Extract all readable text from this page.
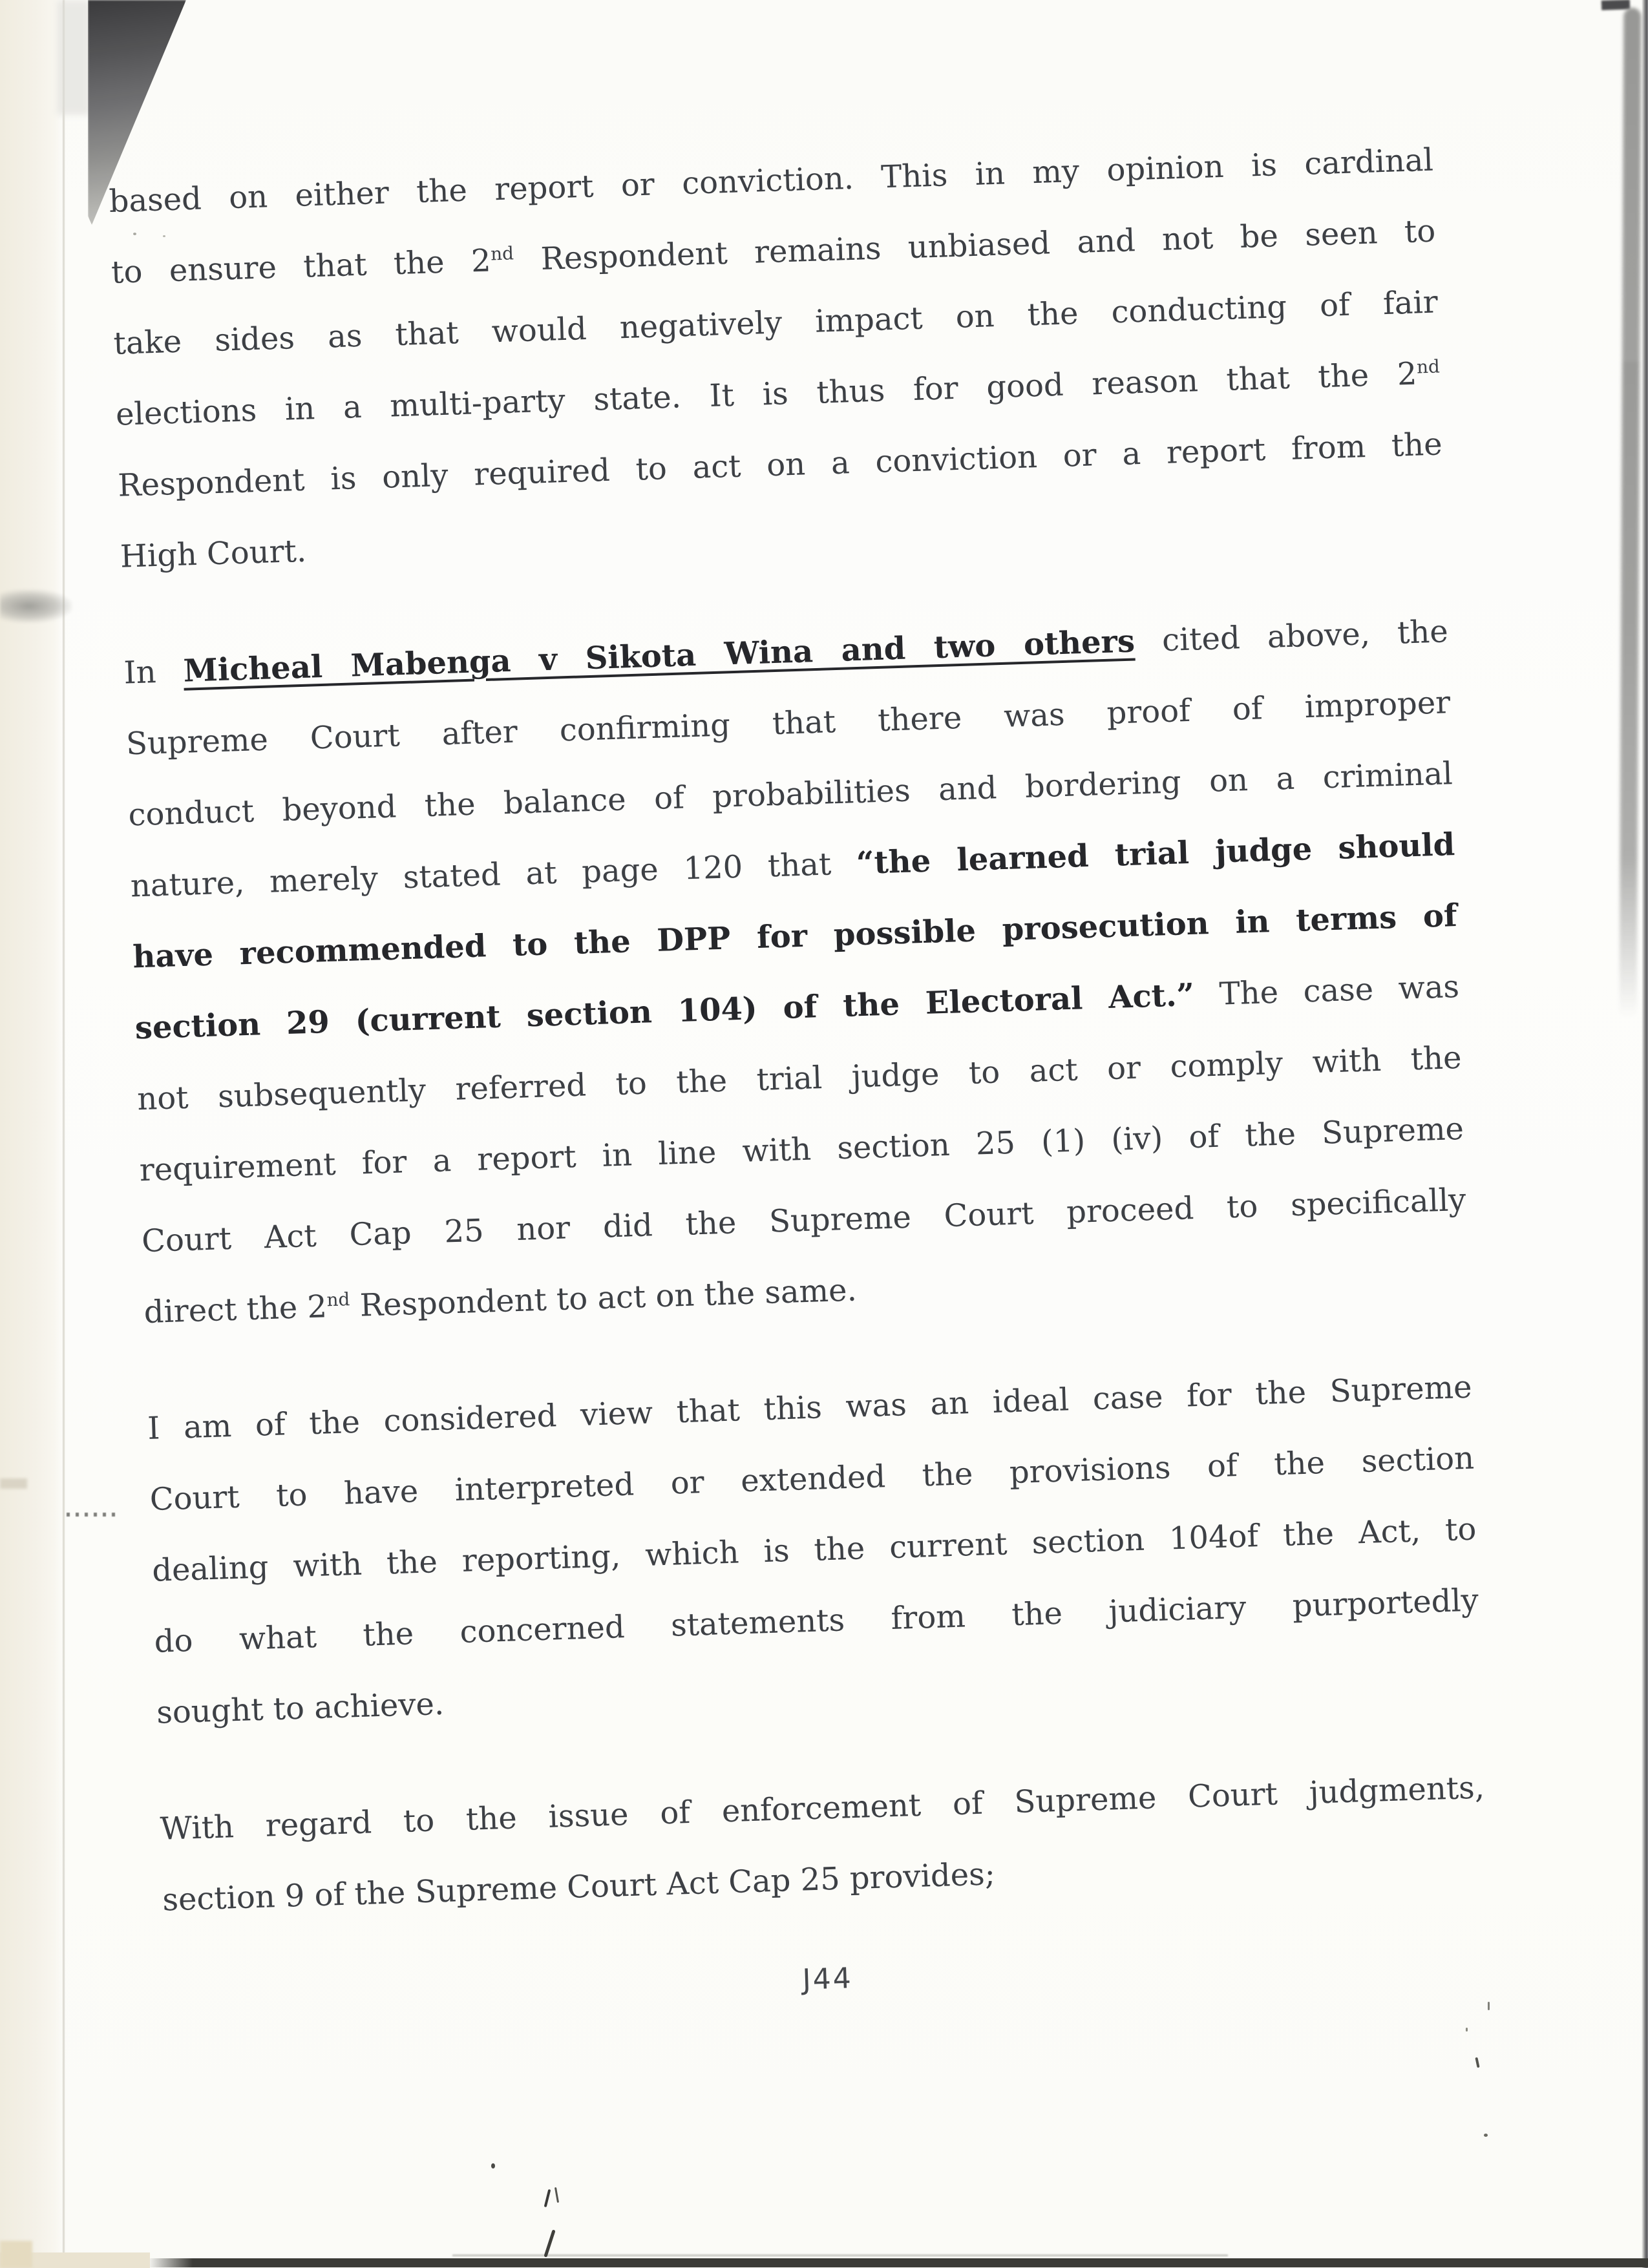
based on either the report or conviction. This in my opinion is cardinal
to ensure that the 2nd Respondent remains unbiased and not be seen to
take sides as that would negatively impact on the conducting of fair
elections in a multi-party state. It is thus for good reason that the 2nd
Respondent is only required to act on a conviction or a report from the
High Court.
In Micheal Mabenga v Sikota Wina and two others cited above, the
Supreme Court after confirming that there was proof of improper
conduct beyond the balance of probabilities and bordering on a criminal
nature, merely stated at page 120 that “the learned trial judge should
have recommended to the DPP for possible prosecution in terms of
section 29 (current section 104) of the Electoral Act.” The case was
not subsequently referred to the trial judge to act or comply with the
requirement for a report in line with section 25 (1) (iv) of the Supreme
Court Act Cap 25 nor did the Supreme Court proceed to specifically
direct the 2nd Respondent to act on the same.
I am of the considered view that this was an ideal case for the Supreme
Court to have interpreted or extended the provisions of the section
dealing with the reporting, which is the current section 104of the Act, to
do what the concerned statements from the judiciary purportedly
sought to achieve.
With regard to the issue of enforcement of Supreme Court judgments,
section 9 of the Supreme Court Act Cap 25 provides;
J44
